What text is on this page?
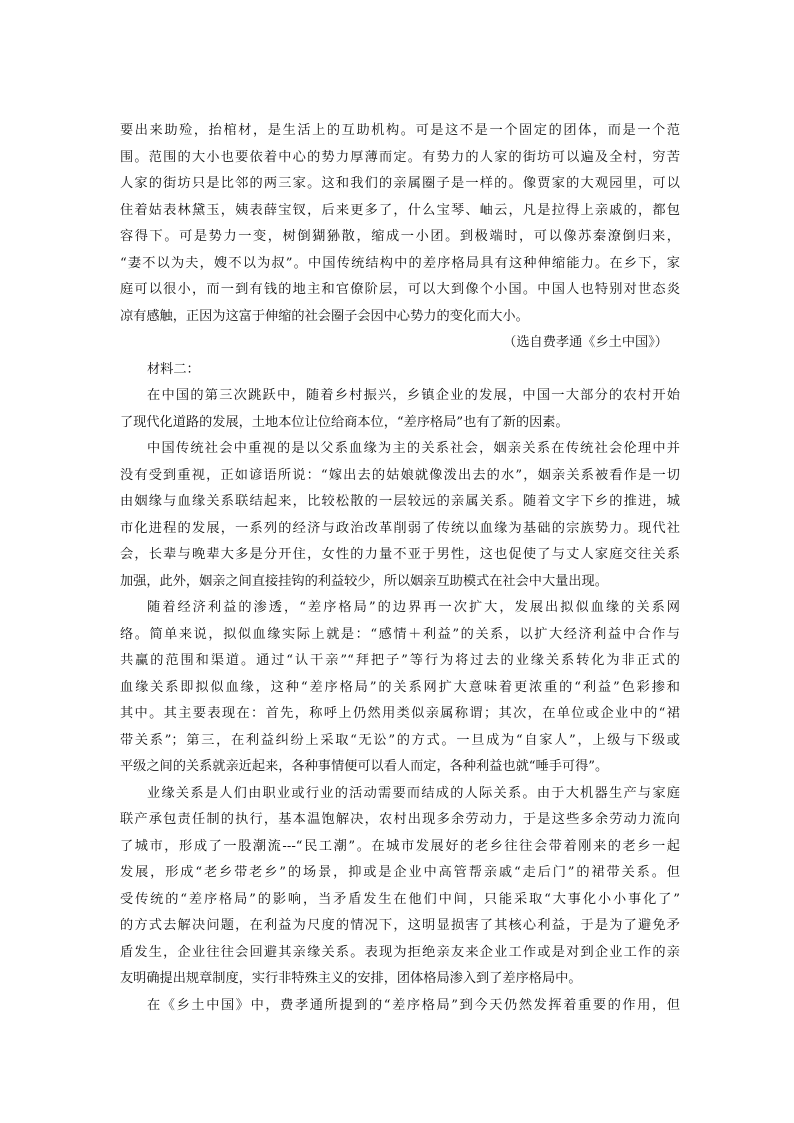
要出来助殓，抬棺材，是生活上的互助机构。可是这不是一个固定的团体，而是一个范
围。范围的大小也要依着中心的势力厚薄而定。有势力的人家的街坊可以遍及全村，穷苦
人家的街坊只是比邻的两三家。这和我们的亲属圈子是一样的。像贾家的大观园里，可以
住着姑表林黛玉，姨表薛宝钗，后来更多了，什么宝琴、岫云，凡是拉得上亲戚的，都包
容得下。可是势力一变，树倒猢狲散，缩成一小团。到极端时，可以像苏秦潦倒归来，
“妻不以为夫，嫂不以为叔”。中国传统结构中的差序格局具有这种伸缩能力。在乡下，家
庭可以很小，而一到有钱的地主和官僚阶层，可以大到像个小国。中国人也特别对世态炎
凉有感触，正因为这富于伸缩的社会圈子会因中心势力的变化而大小。
（选自费孝通《乡土中国》）
材料二：
在中国的第三次跳跃中，随着乡村振兴，乡镇企业的发展，中国一大部分的农村开始
了现代化道路的发展，土地本位让位给商本位，“差序格局”也有了新的因素。
中国传统社会中重视的是以父系血缘为主的关系社会，姻亲关系在传统社会伦理中并
没有受到重视，正如谚语所说：“嫁出去的姑娘就像泼出去的水”，姻亲关系被看作是一切
由姻缘与血缘关系联结起来，比较松散的一层较远的亲属关系。随着文字下乡的推进，城
市化进程的发展，一系列的经济与政治改革削弱了传统以血缘为基础的宗族势力。现代社
会，长辈与晚辈大多是分开住，女性的力量不亚于男性，这也促使了与丈人家庭交往关系
加强，此外，姻亲之间直接挂钩的利益较少，所以姻亲互助模式在社会中大量出现。
随着经济利益的渗透，“差序格局”的边界再一次扩大，发展出拟似血缘的关系网
络。简单来说，拟似血缘实际上就是：“感情＋利益”的关系，以扩大经济利益中合作与
共赢的范围和渠道。通过“认干亲”“拜把子”等行为将过去的业缘关系转化为非正式的
血缘关系即拟似血缘，这种“差序格局”的关系网扩大意味着更浓重的“利益”色彩掺和
其中。其主要表现在：首先，称呼上仍然用类似亲属称谓；其次，在单位或企业中的“裙
带关系”；第三，在利益纠纷上采取“无讼”的方式。一旦成为“自家人”，上级与下级或
平级之间的关系就亲近起来，各种事情便可以看人而定，各种利益也就“唾手可得”。
业缘关系是人们由职业或行业的活动需要而结成的人际关系。由于大机器生产与家庭
联产承包责任制的执行，基本温饱解决，农村出现多余劳动力，于是这些多余劳动力流向
了城市，形成了一股潮流---“民工潮”。在城市发展好的老乡往往会带着刚来的老乡一起
发展，形成“老乡带老乡”的场景，抑或是企业中高管帮亲戚“走后门”的裙带关系。但
受传统的“差序格局”的影响，当矛盾发生在他们中间，只能采取“大事化小小事化了”
的方式去解决问题，在利益为尺度的情况下，这明显损害了其核心利益，于是为了避免矛
盾发生，企业往往会回避其亲缘关系。表现为拒绝亲友来企业工作或是对到企业工作的亲
友明确提出规章制度，实行非特殊主义的安排，团体格局渗入到了差序格局中。
在《乡土中国》中，费孝通所提到的“差序格局”到今天仍然发挥着重要的作用，但
